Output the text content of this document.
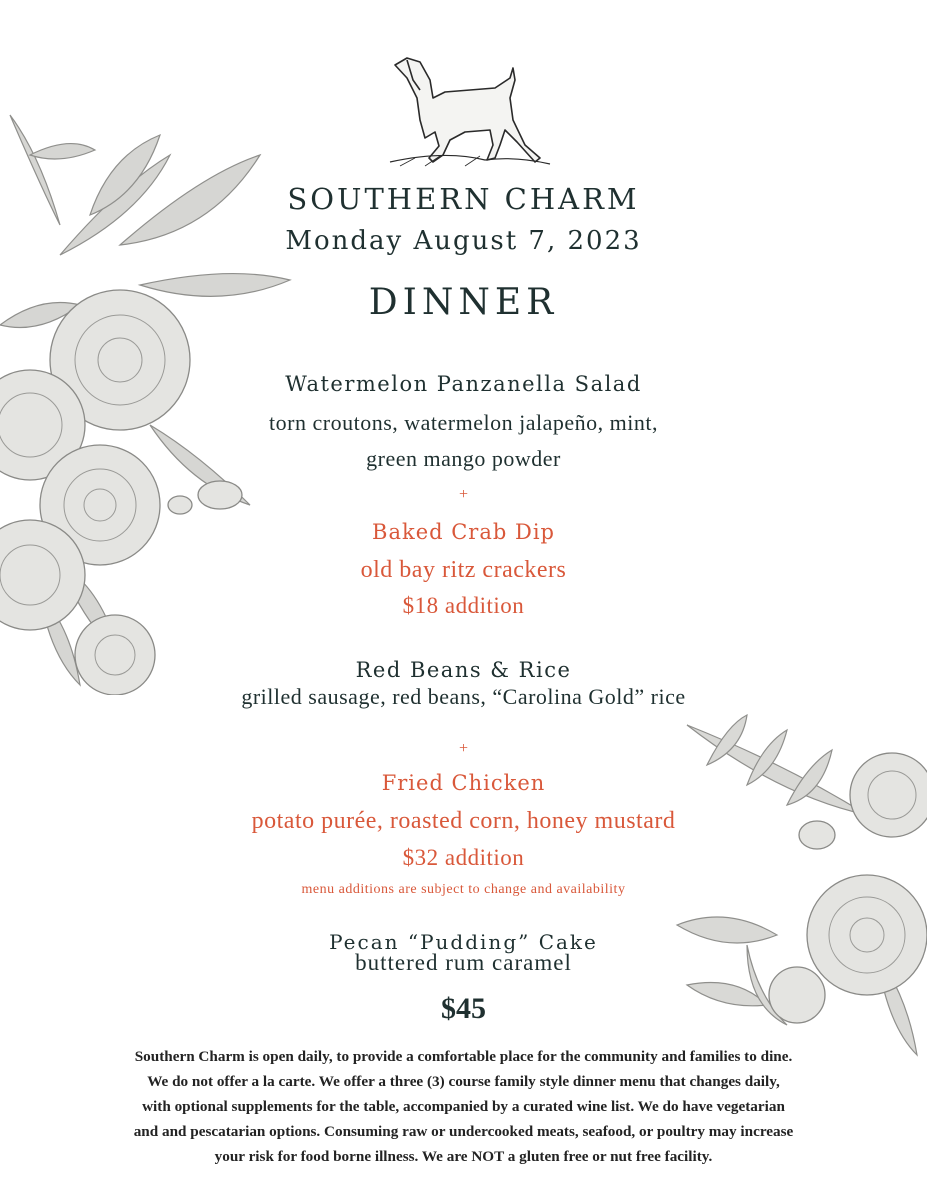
SOUTHERN CHARM
Monday August 7, 2023
DINNER
Watermelon Panzanella Salad
torn croutons, watermelon jalapeño, mint,
green mango powder
+
Baked Crab Dip
old bay ritz crackers
$18 addition
Red Beans & Rice
grilled sausage, red beans, “Carolina Gold” rice
+
Fried Chicken
potato purée, roasted corn, honey mustard
$32 addition
menu additions are subject to change and availability
Pecan “Pudding” Cake
buttered rum caramel
$45
Southern Charm is open daily, to provide a comfortable place for the community and families to dine.
We do not offer a la carte. We offer a three (3) course family style dinner menu that changes daily,
with optional supplements for the table, accompanied by a curated wine list. We do have vegetarian
and and pescatarian options. Consuming raw or undercooked meats, seafood, or poultry may increase
your risk for food borne illness. We are NOT a gluten free or nut free facility.
